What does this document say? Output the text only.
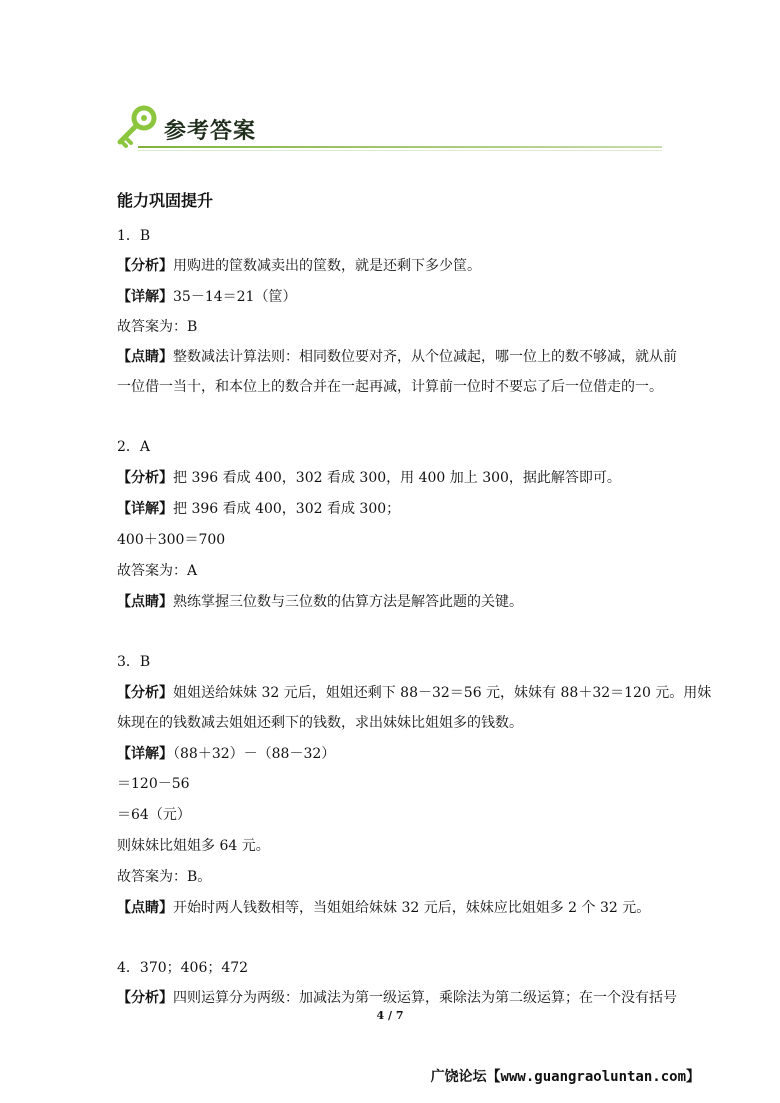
参考答案
能力巩固提升
1．B
【分析】用购进的筐数减卖出的筐数，就是还剩下多少筐。
【详解】35－14＝21（筐）
故答案为：B
【点睛】整数减法计算法则：相同数位要对齐，从个位减起，哪一位上的数不够减，就从前
一位借一当十，和本位上的数合并在一起再减，计算前一位时不要忘了后一位借走的一。
2．A
【分析】把 396 看成 400，302 看成 300，用 400 加上 300，据此解答即可。
【详解】把 396 看成 400，302 看成 300；
400＋300＝700
故答案为：A
【点睛】熟练掌握三位数与三位数的估算方法是解答此题的关键。
3．B
【分析】姐姐送给妹妹 32 元后，姐姐还剩下 88－32＝56 元，妹妹有 88＋32＝120 元。用妹
妹现在的钱数减去姐姐还剩下的钱数，求出妹妹比姐姐多的钱数。
【详解】（88＋32）－（88－32）
＝120－56
＝64（元）
则妹妹比姐姐多 64 元。
故答案为：B。
【点睛】开始时两人钱数相等，当姐姐给妹妹 32 元后，妹妹应比姐姐多 2 个 32 元。
4．370；406；472
【分析】四则运算分为两级：加减法为第一级运算，乘除法为第二级运算；在一个没有括号
4 / 7
广饶论坛【www.guangraoluntan.com】
